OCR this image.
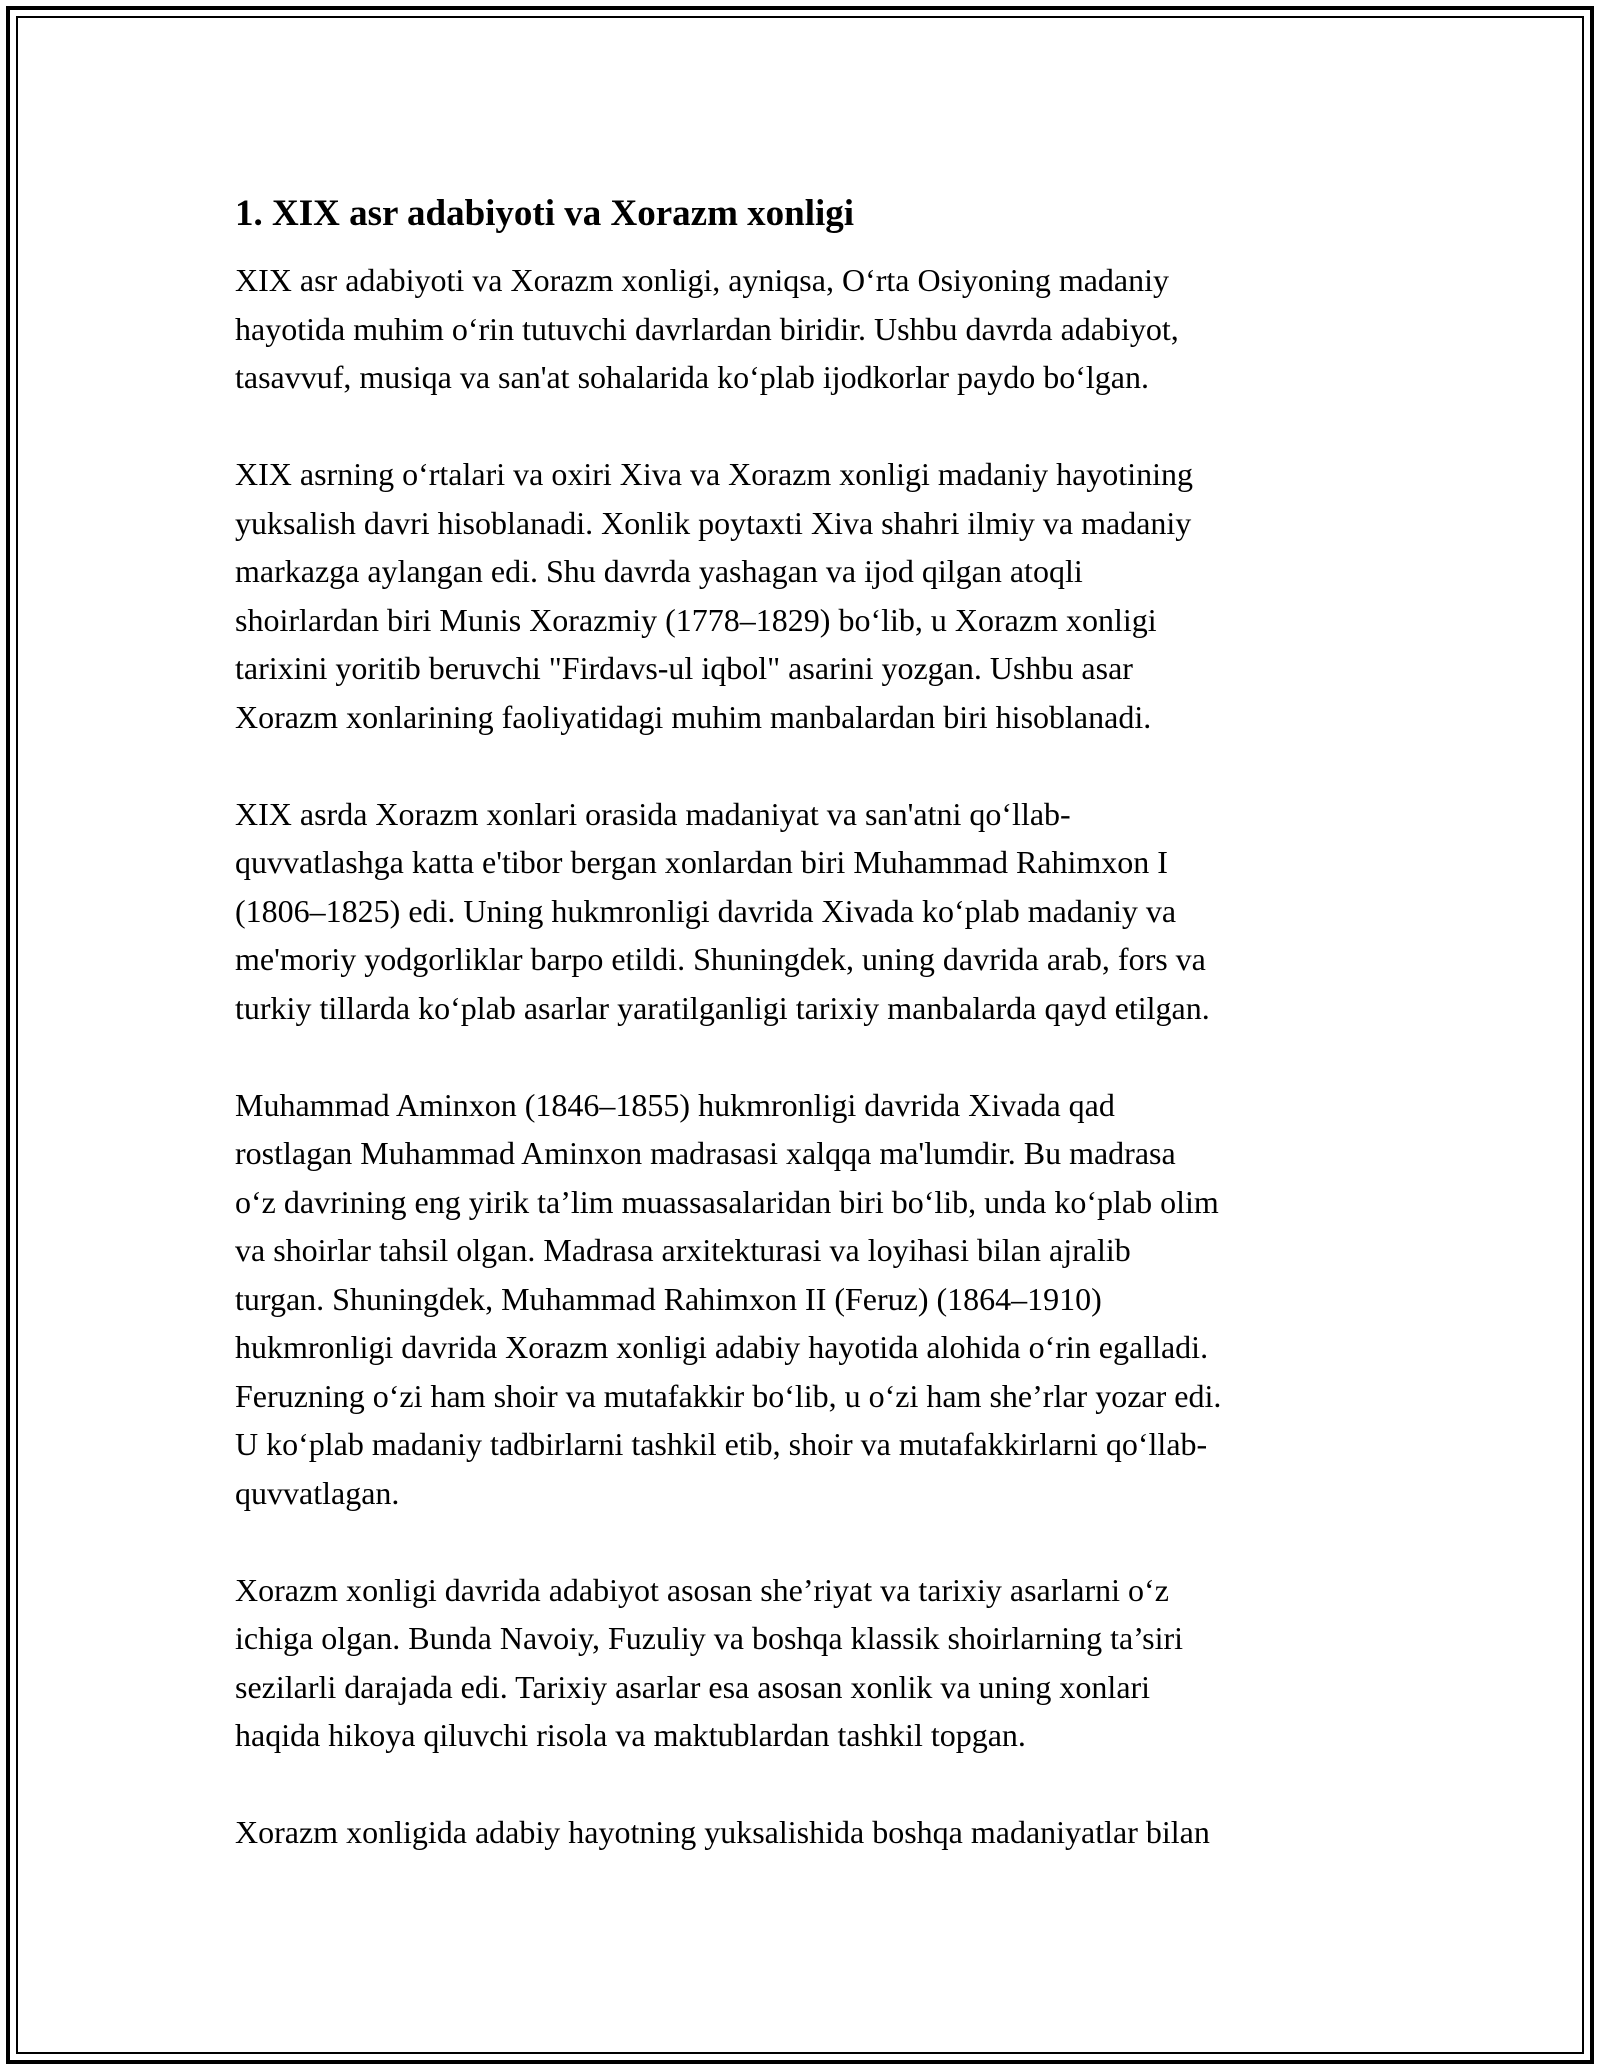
1. XIX asr adabiyoti va Xorazm xonligi

XIX asr adabiyoti va Xorazm xonligi, ayniqsa, O‘rta Osiyoning madaniy
hayotida muhim o‘rin tutuvchi davrlardan biridir. Ushbu davrda adabiyot,
tasavvuf, musiqa va san'at sohalarida ko‘plab ijodkorlar paydo bo‘lgan.

XIX asrning o‘rtalari va oxiri Xiva va Xorazm xonligi madaniy hayotining
yuksalish davri hisoblanadi. Xonlik poytaxti Xiva shahri ilmiy va madaniy
markazga aylangan edi. Shu davrda yashagan va ijod qilgan atoqli
shoirlardan biri Munis Xorazmiy (1778–1829) bo‘lib, u Xorazm xonligi
tarixini yoritib beruvchi "Firdavs-ul iqbol" asarini yozgan. Ushbu asar
Xorazm xonlarining faoliyatidagi muhim manbalardan biri hisoblanadi.

XIX asrda Xorazm xonlari orasida madaniyat va san'atni qo‘llab-
quvvatlashga katta e'tibor bergan xonlardan biri Muhammad Rahimxon I
(1806–1825) edi. Uning hukmronligi davrida Xivada ko‘plab madaniy va
me'moriy yodgorliklar barpo etildi. Shuningdek, uning davrida arab, fors va
turkiy tillarda ko‘plab asarlar yaratilganligi tarixiy manbalarda qayd etilgan.

Muhammad Aminxon (1846–1855) hukmronligi davrida Xivada qad
rostlagan Muhammad Aminxon madrasasi xalqqa ma'lumdir. Bu madrasa
o‘z davrining eng yirik ta’lim muassasalaridan biri bo‘lib, unda ko‘plab olim
va shoirlar tahsil olgan. Madrasa arxitekturasi va loyihasi bilan ajralib
turgan. Shuningdek, Muhammad Rahimxon II (Feruz) (1864–1910)
hukmronligi davrida Xorazm xonligi adabiy hayotida alohida o‘rin egalladi.
Feruzning o‘zi ham shoir va mutafakkir bo‘lib, u o‘zi ham she’rlar yozar edi.
U ko‘plab madaniy tadbirlarni tashkil etib, shoir va mutafakkirlarni qo‘llab-
quvvatlagan.

Xorazm xonligi davrida adabiyot asosan she’riyat va tarixiy asarlarni o‘z
ichiga olgan. Bunda Navoiy, Fuzuliy va boshqa klassik shoirlarning ta’siri
sezilarli darajada edi. Tarixiy asarlar esa asosan xonlik va uning xonlari
haqida hikoya qiluvchi risola va maktublardan tashkil topgan.

Xorazm xonligida adabiy hayotning yuksalishida boshqa madaniyatlar bilan
